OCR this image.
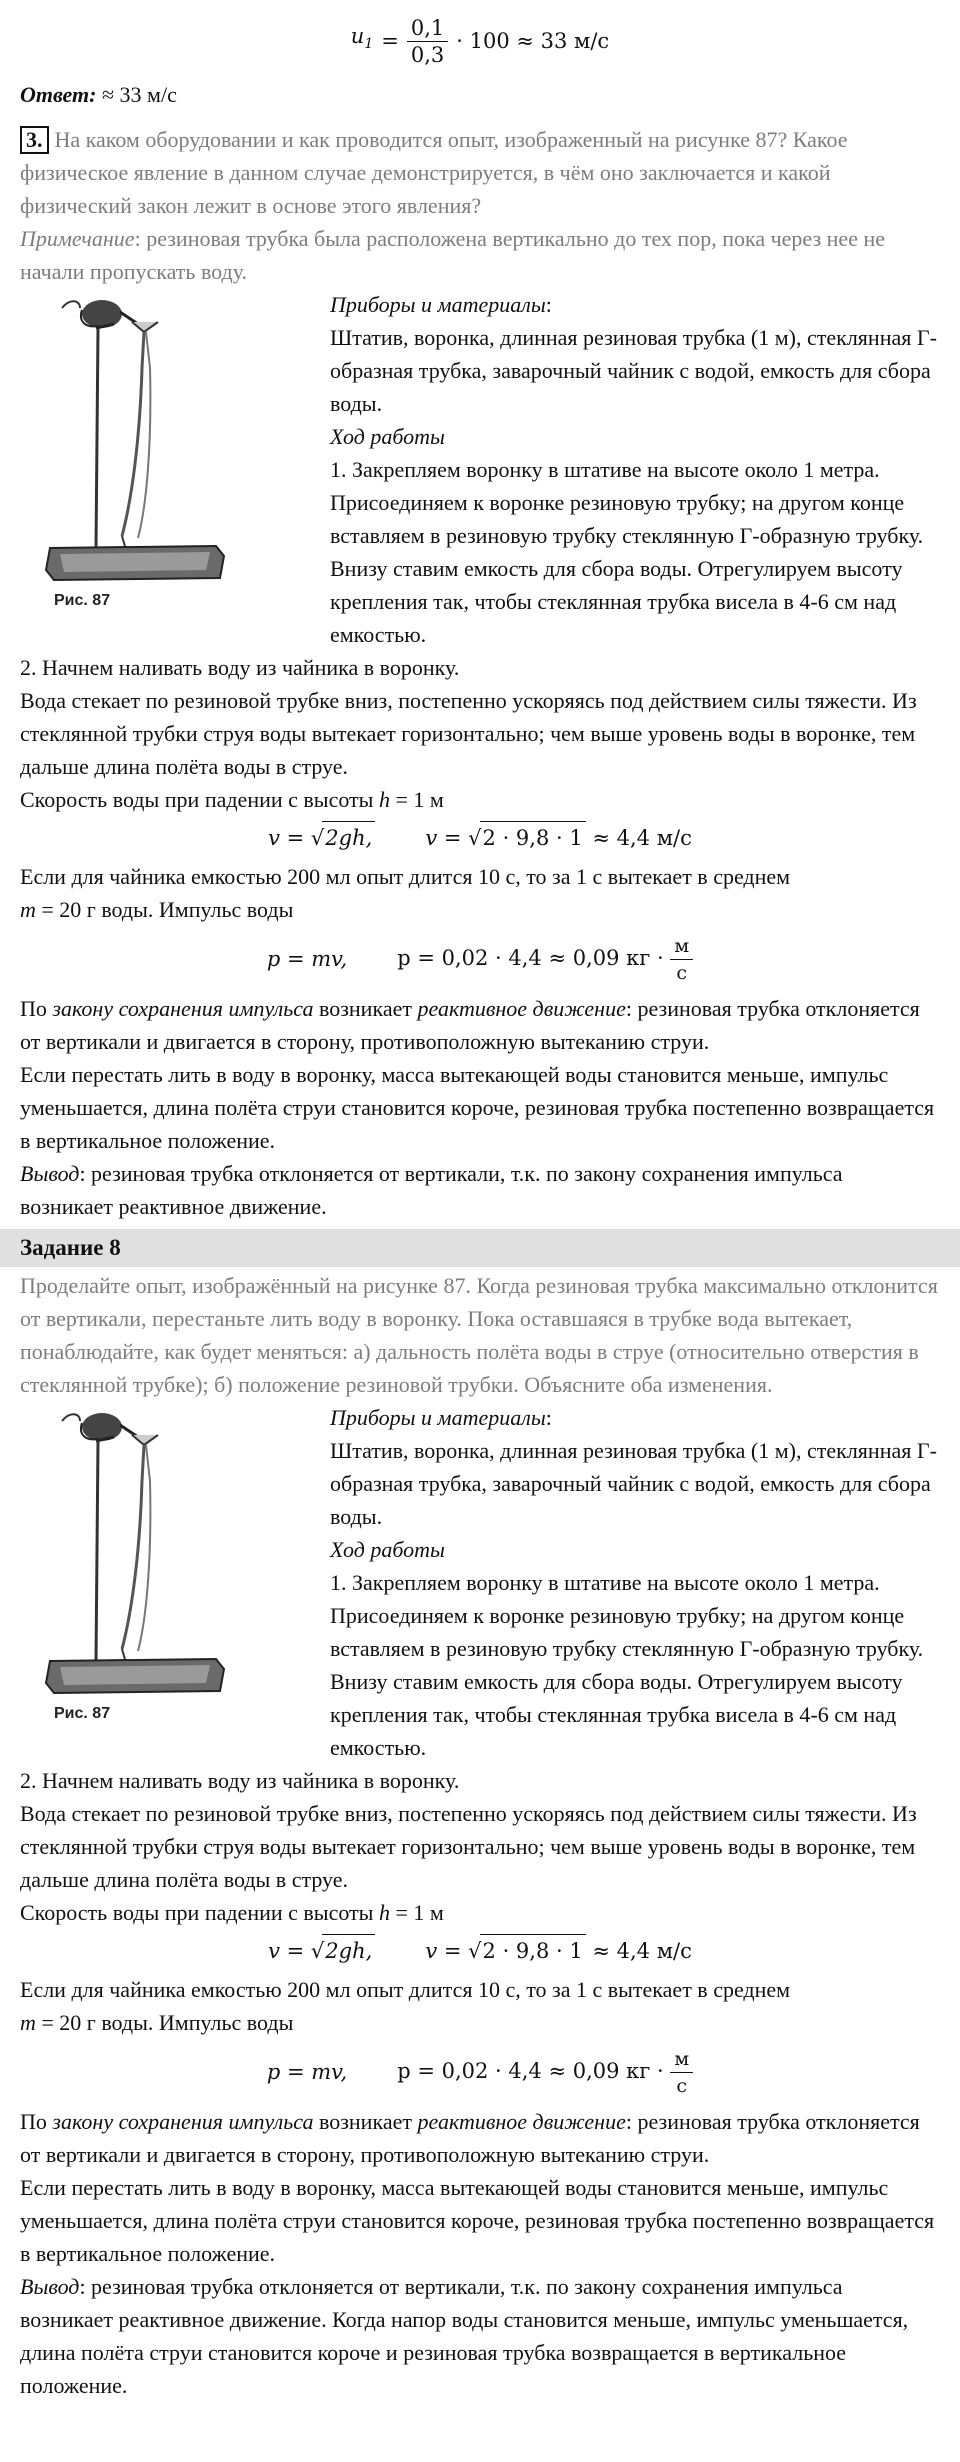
$u_1 = \frac{0,1}{0,3} \cdot 100 \approx 33$ м/с

Ответ: ≈ 33 м/с

3. На каком оборудовании и как проводится опыт, изображенный на рисунке 87? Какое физическое явление в данном случае демонстрируется, в чём оно заключается и какой физический закон лежит в основе этого явления?

Примечание: резиновая трубка была расположена вертикально до тех пор, пока через нее не начали пропускать воду.

Рис. 87

Приборы и материалы:

Штатив, воронка, длинная резиновая трубка (1 м), стеклянная Г-образная трубка, заварочный чайник с водой, емкость для сбора воды.

Ход работы

1. Закрепляем воронку в штативе на высоте около 1 метра. Присоединяем к воронке резиновую трубку; на другом конце вставляем в резиновую трубку стеклянную Г-образную трубку. Внизу ставим емкость для сбора воды. Отрегулируем высоту крепления так, чтобы стеклянная трубка висела в 4-6 см над емкостью.

2. Начнем наливать воду из чайника в воронку.

Вода стекает по резиновой трубке вниз, постепенно ускоряясь под действием силы тяжести. Из стеклянной трубки струя воды вытекает горизонтально; чем выше уровень воды в воронке, тем дальше длина полёта воды в струе.

Скорость воды при падении с высоты h = 1 м

v = √2gh,	v = √2 · 9,8 · 1 ≈ 4,4 м/с

Если для чайника емкостью 200 мл опыт длится 10 с, то за 1 с вытекает в среднем

m = 20 г воды. Импульс воды

p = mv, p = 0,02 · 4,4 ≈ 0,09 кг · $\frac{м}{с}$

По закону сохранения импульса возникает реактивное движение: резиновая трубка отклоняется от вертикали и двигается в сторону, противоположную вытеканию струи.

Если перестать лить в воду в воронку, масса вытекающей воды становится меньше, импульс уменьшается, длина полёта струи становится короче, резиновая трубка постепенно возвращается в вертикальное положение.

Вывод: резиновая трубка отклоняется от вертикали, т.к. по закону сохранения импульса возникает реактивное движение.

Задание 8

Проделайте опыт, изображённый на рисунке 87. Когда резиновая трубка максимально отклонится от вертикали, перестаньте лить воду в воронку. Пока оставшаяся в трубке вода вытекает, понаблюдайте, как будет меняться: а) дальность полёта воды в струе (относительно отверстия в стеклянной трубке); б) положение резиновой трубки. Объясните оба изменения.

Рис. 87

Приборы и материалы:

Штатив, воронка, длинная резиновая трубка (1 м), стеклянная Г-образная трубка, заварочный чайник с водой, емкость для сбора воды.

Ход работы

1. Закрепляем воронку в штативе на высоте около 1 метра. Присоединяем к воронке резиновую трубку; на другом конце вставляем в резиновую трубку стеклянную Г-образную трубку. Внизу ставим емкость для сбора воды. Отрегулируем высоту крепления так, чтобы стеклянная трубка висела в 4-6 см над емкостью.

2. Начнем наливать воду из чайника в воронку.

Вода стекает по резиновой трубке вниз, постепенно ускоряясь под действием силы тяжести. Из стеклянной трубки струя воды вытекает горизонтально; чем выше уровень воды в воронке, тем дальше длина полёта воды в струе.

Скорость воды при падении с высоты h = 1 м

v = √2gh,	v = √2 · 9,8 · 1 ≈ 4,4 м/с

Если для чайника емкостью 200 мл опыт длится 10 с, то за 1 с вытекает в среднем

m = 20 г воды. Импульс воды

p = mv, p = 0,02 · 4,4 ≈ 0,09 кг · $\frac{м}{с}$

По закону сохранения импульса возникает реактивное движение: резиновая трубка отклоняется от вертикали и двигается в сторону, противоположную вытеканию струи.

Если перестать лить в воду в воронку, масса вытекающей воды становится меньше, импульс уменьшается, длина полёта струи становится короче, резиновая трубка постепенно возвращается в вертикальное положение.

Вывод: резиновая трубка отклоняется от вертикали, т.к. по закону сохранения импульса возникает реактивное движение. Когда напор воды становится меньше, импульс уменьшается, длина полёта струи становится короче и резиновая трубка возвращается в вертикальное положение.
